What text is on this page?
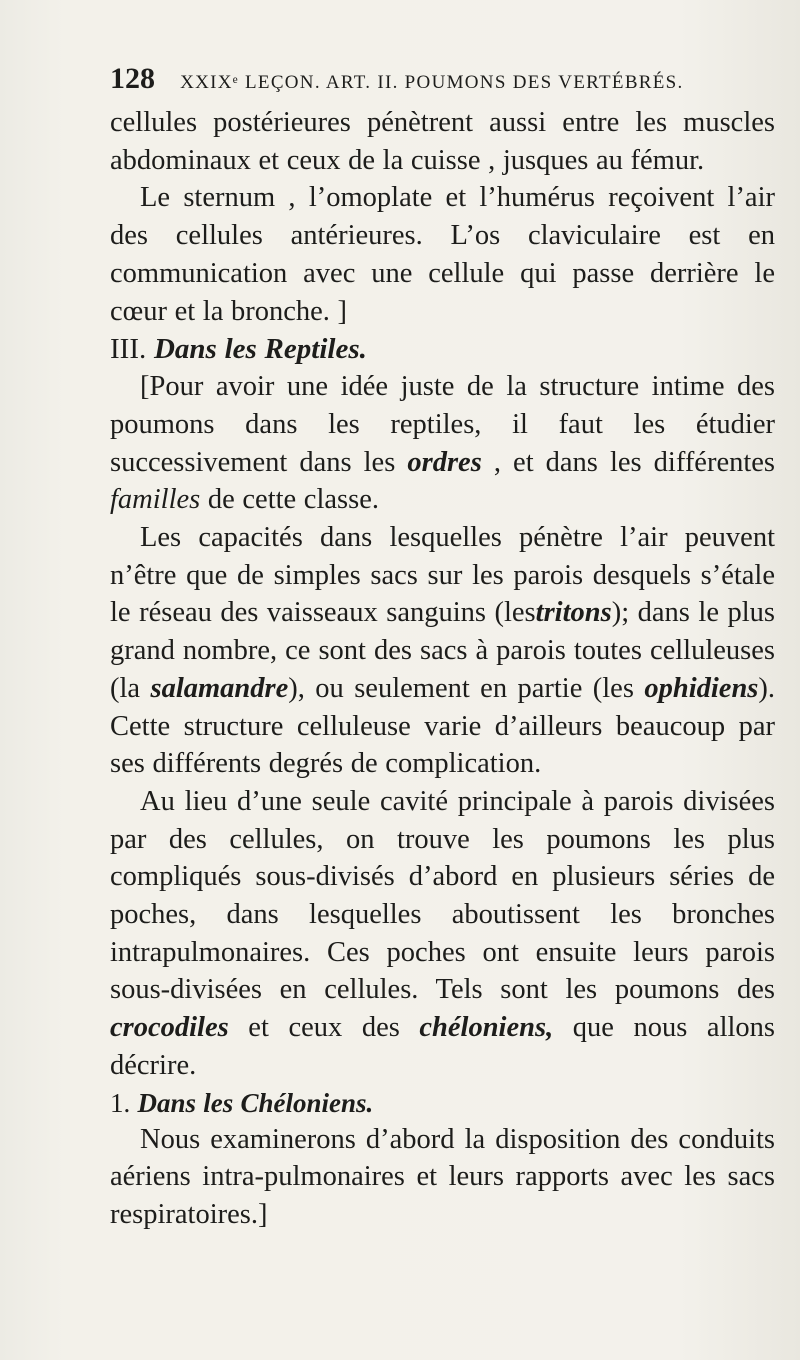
128 XXIXᵉ LEÇON. ART. II. POUMONS DES VERTÉBRÉS.

cellules postérieures pénètrent aussi entre les muscles abdominaux et ceux de la cuisse , jusques au fémur.

Le sternum , l’omoplate et l’humérus reçoivent l’air des cellules antérieures. L’os claviculaire est en communication avec une cellule qui passe derrière le cœur et la bronche. ]

III. Dans les Reptiles.

[Pour avoir une idée juste de la structure intime des poumons dans les reptiles, il faut les étudier successivement dans les ordres , et dans les différentes familles de cette classe.

Les capacités dans lesquelles pénètre l’air peuvent n’être que de simples sacs sur les parois desquels s’étale le réseau des vaisseaux sanguins (lestritons); dans le plus grand nombre, ce sont des sacs à parois toutes celluleuses (la salamandre), ou seulement en partie (les ophidiens). Cette structure celluleuse varie d’ailleurs beaucoup par ses différents degrés de complication.

Au lieu d’une seule cavité principale à parois divisées par des cellules, on trouve les poumons les plus compliqués sous-divisés d’abord en plusieurs séries de poches, dans lesquelles aboutissent les bronches intrapulmonaires. Ces poches ont ensuite leurs parois sous-divisées en cellules. Tels sont les poumons des crocodiles et ceux des chéloniens, que nous allons décrire.

1. Dans les Chéloniens.

Nous examinerons d’abord la disposition des conduits aériens intra-pulmonaires et leurs rapports avec les sacs respiratoires.]
